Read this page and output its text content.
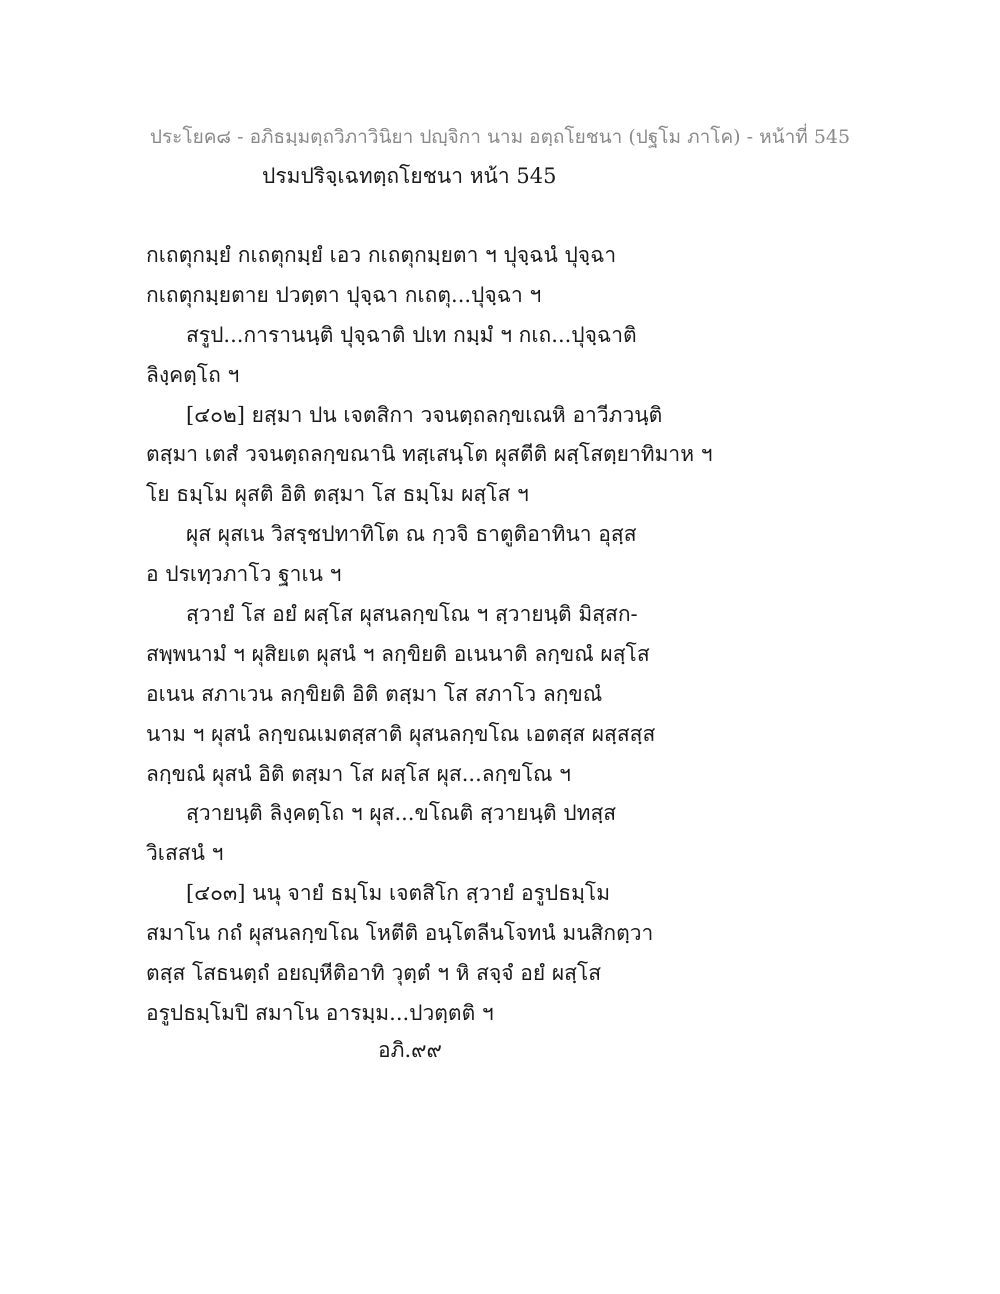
ประโยค๘ - อภิธมฺมตฺถวิภาวินิยา ปญฺจิกา นาม อตฺถโยชนา (ปฐโม ภาโค) - หน้าที่ 545
ปรมปริจฺเฉทตฺถโยชนา หน้า 545
กเถตุกมฺยํ กเถตุกมฺยํ เอว กเถตุกมฺยตา ฯ ปุจฺฉนํ ปุจฺฉา
กเถตุกมฺยตาย ปวตฺตา ปุจฺฉา กเถตุ...ปุจฺฉา ฯ
สรูป...การานนฺติ ปุจฺฉาติ ปเท กมฺมํ ฯ กเถ...ปุจฺฉาติ
ลิงฺคตฺโถ ฯ
[๔๐๒] ยสฺมา ปน เจตสิกา วจนตฺถลกฺขเณหิ อาวีภวนฺติ
ตสฺมา เตสํ วจนตฺถลกฺขณานิ ทสฺเสนฺโต ผุสตีติ ผสฺโสตฺยาทิมาห ฯ
โย ธมฺโม ผุสติ อิติ ตสฺมา โส ธมฺโม ผสฺโส ฯ
ผุส ผุสเน วิสรฺชปทาทิโต ณ กฺวจิ ธาตูติอาทินา อุสฺส
อ ปรเทฺวภาโว ฐาเน ฯ
สฺวายํ โส อยํ ผสฺโส ผุสนลกฺขโณ ฯ สฺวายนฺติ มิสฺสก-
สพฺพนามํ ฯ ผุสิยเต ผุสนํ ฯ ลกฺขิยติ อเนนาติ ลกฺขณํ ผสฺโส
อเนน สภาเวน ลกฺขิยติ อิติ ตสฺมา โส สภาโว ลกฺขณํ
นาม ฯ ผุสนํ ลกฺขณเมตสฺสาติ ผุสนลกฺขโณ เอตสฺส ผสฺสสฺส
ลกฺขณํ ผุสนํ อิติ ตสฺมา โส ผสฺโส ผุส...ลกฺขโณ ฯ
สฺวายนฺติ ลิงฺคตฺโถ ฯ ผุส...ขโณติ สฺวายนฺติ ปทสฺส
วิเสสนํ ฯ
[๔๐๓] นนุ จายํ ธมฺโม เจตสิโก สฺวายํ อรูปธมฺโม
สมาโน กถํ ผุสนลกฺขโณ โหตีติ อนฺโตลีนโจทนํ มนสิกตฺวา
ตสฺส โสธนตฺถํ อยญฺหีติอาทิ วุตฺตํ ฯ หิ สจฺจํ อยํ ผสฺโส
อรูปธมฺโมปิ สมาโน อารมฺม...ปวตฺตติ ฯ
อภิ.๙๙
